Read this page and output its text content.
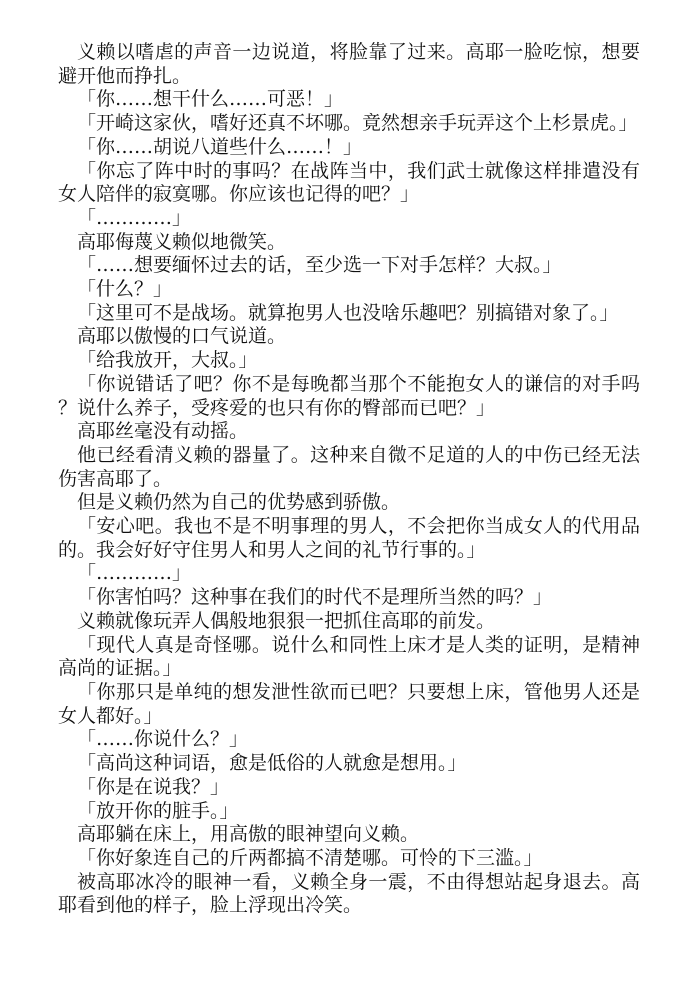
义赖以嗜虐的声音一边说道，将脸靠了过来。高耶一脸吃惊，想要避开他而挣扎。

「你……想干什么……可恶！」

「开崎这家伙，嗜好还真不坏哪。竟然想亲手玩弄这个上杉景虎。」

「你……胡说八道些什么……！」

「你忘了阵中时的事吗？在战阵当中，我们武士就像这样排遣没有女人陪伴的寂寞哪。你应该也记得的吧？」

「…………」

高耶侮蔑义赖似地微笑。

「……想要缅怀过去的话，至少选一下对手怎样？大叔。」

「什么？」

「这里可不是战场。就算抱男人也没啥乐趣吧？别搞错对象了。」

高耶以傲慢的口气说道。

「给我放开，大叔。」

「你说错话了吧？你不是每晚都当那个不能抱女人的谦信的对手吗？说什么养子，受疼爱的也只有你的臀部而已吧？」

高耶丝毫没有动摇。

他已经看清义赖的器量了。这种来自微不足道的人的中伤已经无法伤害高耶了。

但是义赖仍然为自己的优势感到骄傲。

「安心吧。我也不是不明事理的男人，不会把你当成女人的代用品的。我会好好守住男人和男人之间的礼节行事的。」

「…………」

「你害怕吗？这种事在我们的时代不是理所当然的吗？」

义赖就像玩弄人偶般地狠狠一把抓住高耶的前发。

「现代人真是奇怪哪。说什么和同性上床才是人类的证明，是精神高尚的证据。」

「你那只是单纯的想发泄性欲而已吧？只要想上床，管他男人还是女人都好。」

「……你说什么？」

「高尚这种词语，愈是低俗的人就愈是想用。」

「你是在说我？」

「放开你的脏手。」

高耶躺在床上，用高傲的眼神望向义赖。

「你好象连自己的斤两都搞不清楚哪。可怜的下三滥。」

被高耶冰冷的眼神一看，义赖全身一震，不由得想站起身退去。高耶看到他的样子，脸上浮现出冷笑。
